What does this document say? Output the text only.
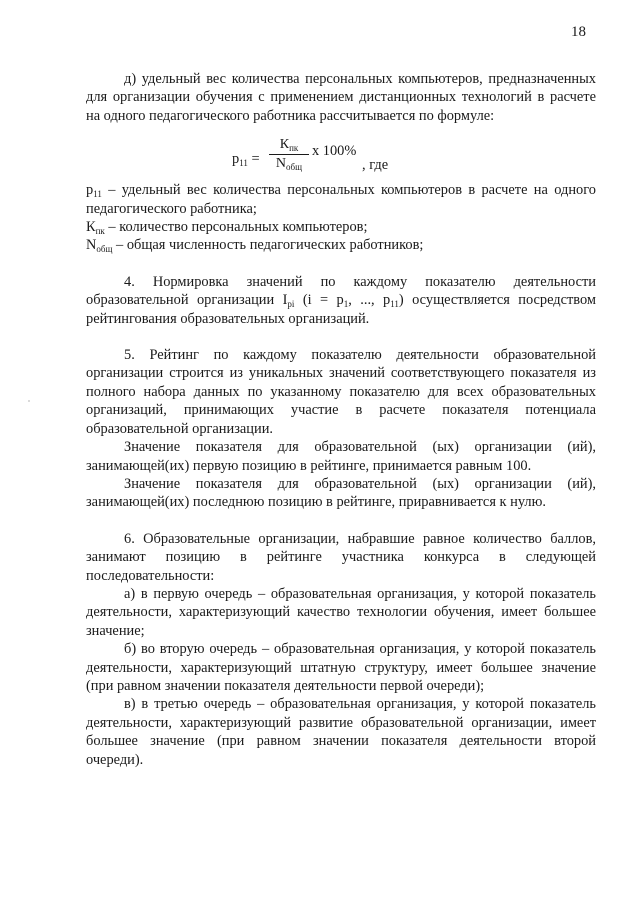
18

д) удельный вес количества персональных компьютеров, предназначенных для организации обучения с применением дистанционных технологий в расчете на одного педагогического работника рассчитывается по формуле:

$p_{11}$ =
$К_{пк}$
$N_{общ}$
х 100%
, где

$p_{11}$ – удельный вес количества персональных компьютеров в расчете на одного педагогического работника;

$К_{пк}$ – количество персональных компьютеров;

$N_{общ}$ – общая численность педагогических работников;

4. Нормировка значений по каждому показателю деятельности образовательной организации $I_{pi}$ ($i = p_1$, ..., $p_{11}$) осуществляется посредством рейтингования образовательных организаций.

5. Рейтинг по каждому показателю деятельности образовательной организации строится из уникальных значений соответствующего показателя из полного набора данных по указанному показателю для всех образовательных организаций, принимающих участие в расчете показателя потенциала образовательной организации.

Значение показателя для образовательной (ых) организации (ий), занимающей(их) первую позицию в рейтинге, принимается равным 100.

Значение показателя для образовательной (ых) организации (ий), занимающей(их) последнюю позицию в рейтинге, приравнивается к нулю.

6. Образовательные организации, набравшие равное количество баллов, занимают позицию в рейтинге участника конкурса в следующей последовательности:

а) в первую очередь – образовательная организация, у которой показатель деятельности, характеризующий качество технологии обучения, имеет большее значение;

б) во вторую очередь – образовательная организация, у которой показатель деятельности, характеризующий штатную структуру, имеет большее значение (при равном значении показателя деятельности первой очереди);

в) в третью очередь – образовательная организация, у которой показатель деятельности, характеризующий развитие образовательной организации, имеет большее значение (при равном значении показателя деятельности второй очереди).
